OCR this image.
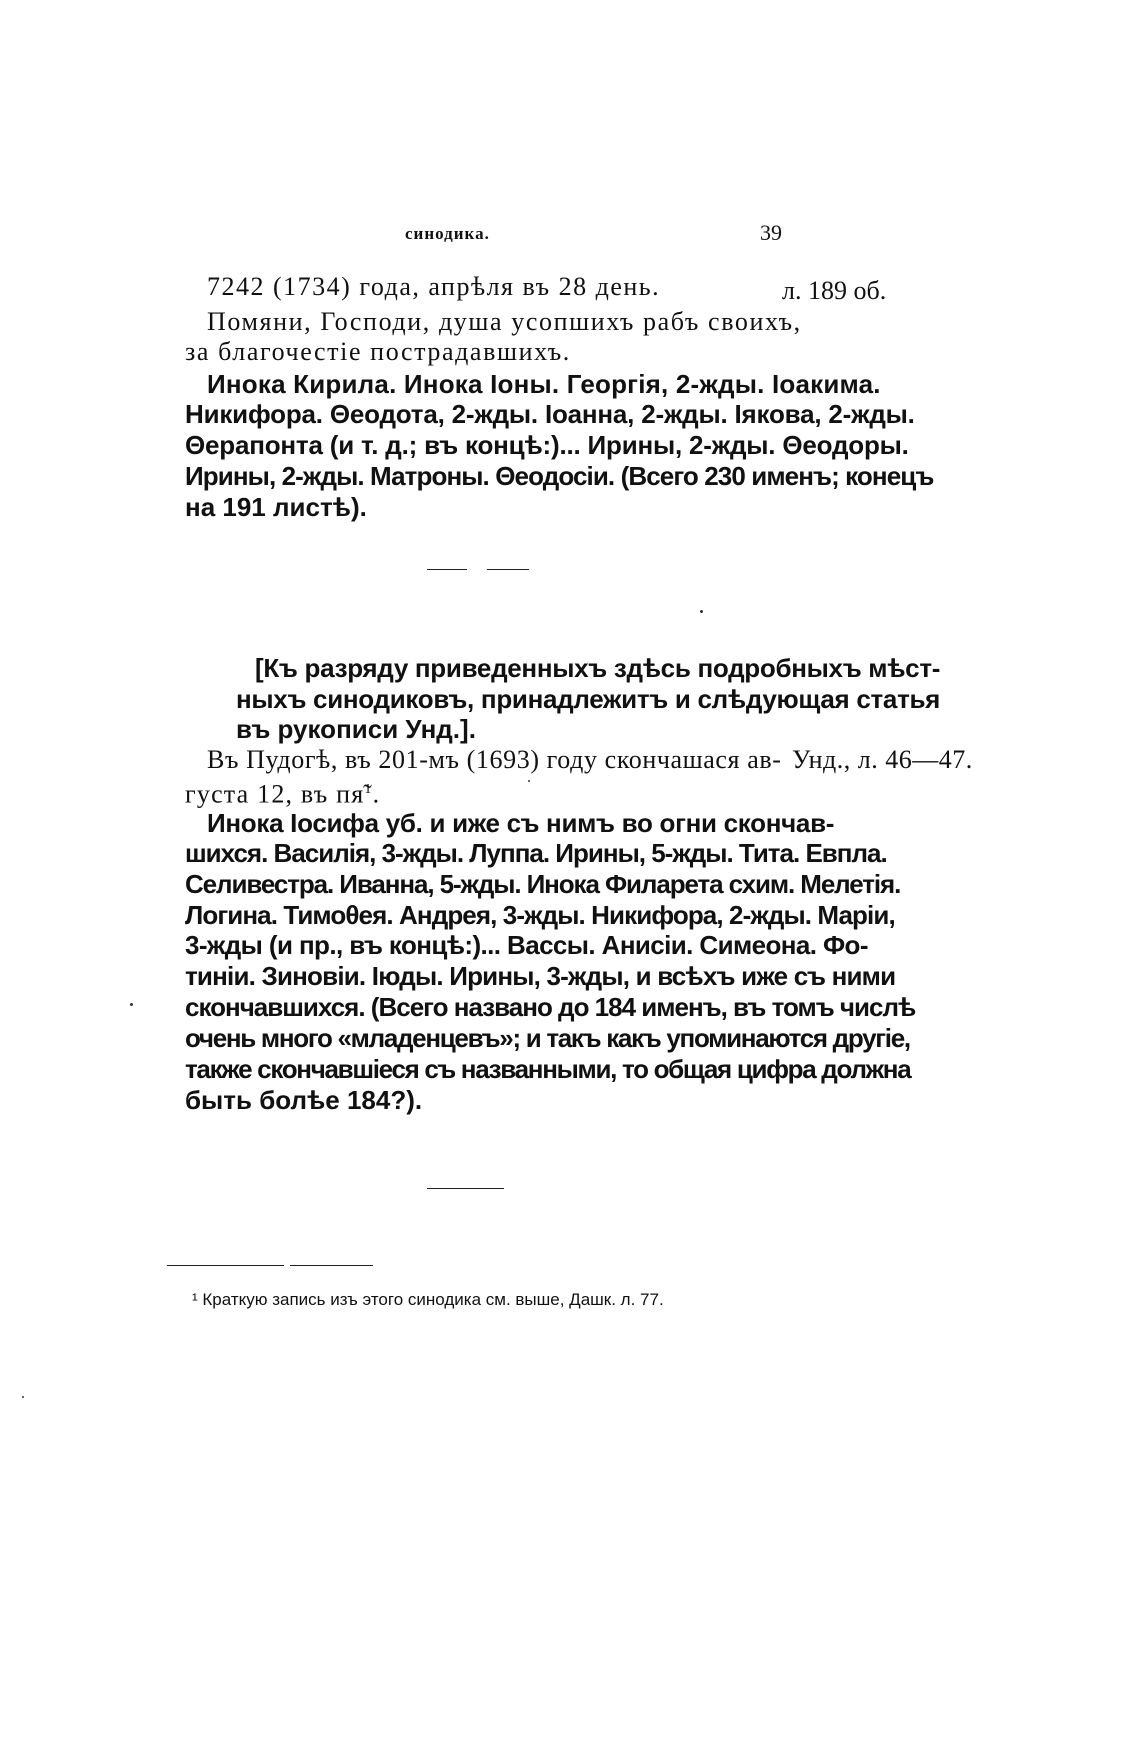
синодика.	39
7242 (1734) года, апрѣля въ 28 день.	л. 189 об.
Помяни, Господи, душа усопшихъ рабъ своихъ,
за благочестіе пострадавшихъ.
Инока Кирила. Инока Іоны. Георгія, 2-жды. Іоакима.
Никифора. Θеодота, 2-жды. Іоанна, 2-жды. Іякова, 2-жды.
Θерапонта (и т. д.; въ концѣ:)... Ирины, 2-жды. Θеодоры.
Ирины, 2-жды. Матроны. Θеодосіи. (Всего 230 именъ; конецъ
на 191 листѣ).
[Къ разряду приведенныхъ здѣсь подробныхъ мѣст-
ныхъ синодиковъ, принадлежитъ и слѣдующая статья
въ рукописи Унд.].
Въ Пудогѣ, въ 201-мъ (1693) году скончашася ав- Унд., л. 46—47.
густа 12, въ пя̃$^1$.
Инока Іосифа уб. и иже съ нимъ во огни скончав-
шихся. Василія, 3-жды. Луппа. Ирины, 5-жды. Тита. Евпла.
Селивестра. Иванна, 5-жды. Инока Филарета схим. Мелетія.
Логина. Тимоθея. Андрея, 3-жды. Никифора, 2-жды. Маріи,
3-жды (и пр., въ концѣ:)... Вассы. Анисіи. Симеона. Фо-
тиніи. Зиновіи. Іюды. Ирины, 3-жды, и всѣхъ иже съ ними
скончавшихся. (Всего названо до 184 именъ, въ томъ числѣ
очень много «младенцевъ»; и такъ какъ упоминаются другіе,
также скончавшіеся съ названными, то общая цифра должна
быть болѣе 184?).
¹ Краткую запись изъ этого синодика см. выше, Дашк. л. 77.
